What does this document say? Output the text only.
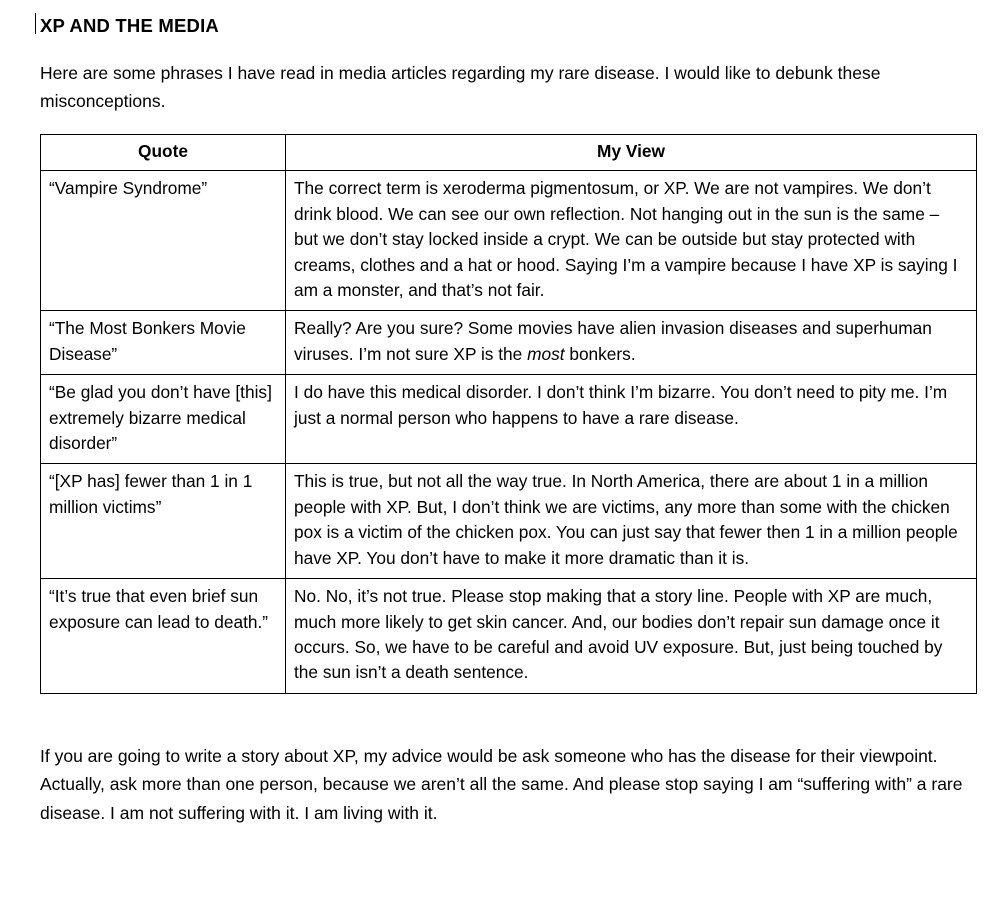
XP AND THE MEDIA

Here are some phrases I have read in media articles regarding my rare disease. I would like to debunk these misconceptions.

Quote	My View
“Vampire Syndrome”	The correct term is xeroderma pigmentosum, or XP. We are not vampires. We don’t drink blood. We can see our own reflection. Not hanging out in the sun is the same – but we don’t stay locked inside a crypt. We can be outside but stay protected with creams, clothes and a hat or hood. Saying I’m a vampire because I have XP is saying I am a monster, and that’s not fair.
“The Most Bonkers Movie Disease”	Really? Are you sure? Some movies have alien invasion diseases and superhuman viruses. I’m not sure XP is the most bonkers.
“Be glad you don’t have [this] extremely bizarre medical disorder”	I do have this medical disorder. I don’t think I’m bizarre. You don’t need to pity me. I’m just a normal person who happens to have a rare disease.
“[XP has] fewer than 1 in 1 million victims”	This is true, but not all the way true. In North America, there are about 1 in a million people with XP. But, I don’t think we are victims, any more than some with the chicken pox is a victim of the chicken pox. You can just say that fewer then 1 in a million people have XP. You don’t have to make it more dramatic than it is.
“It’s true that even brief sun exposure can lead to death.”	No. No, it’s not true. Please stop making that a story line. People with XP are much, much more likely to get skin cancer. And, our bodies don’t repair sun damage once it occurs. So, we have to be careful and avoid UV exposure. But, just being touched by the sun isn’t a death sentence.

If you are going to write a story about XP, my advice would be ask someone who has the disease for their viewpoint. Actually, ask more than one person, because we aren’t all the same. And please stop saying I am “suffering with” a rare disease. I am not suffering with it. I am living with it.
